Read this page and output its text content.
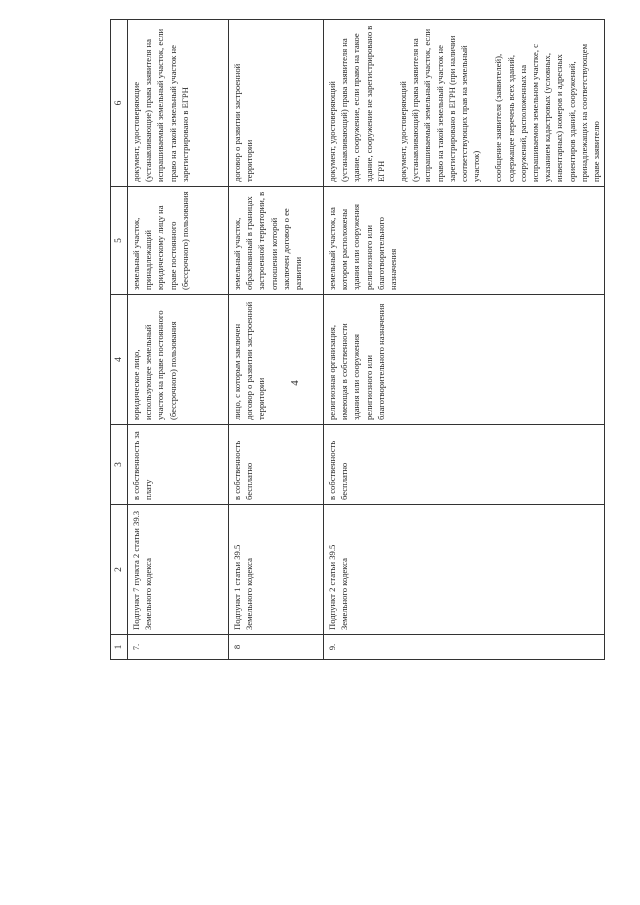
4
1	2	3	4	5	6
7.	Подпункт 7 пункта 2 статьи 39.3 Земельного кодекса	в собственность за плату	юридическое лицо, использующее земельный участок на праве постоянного (бессрочного) пользования	земельный участок, принадлежащий юридическому лицу на праве постоянного (бессрочного) пользования	документ, удостоверяющие (устанавливающие) права заявителя на испрашиваемый земельный участок, если право на такой земельный участок не зарегистрировано в ЕГРН

8	Подпункт 1 статьи 39.5 Земельного кодекса	в собственность бесплатно	лицо, с которым заключен договор о развитии застроенной территории	земельный участок, образованный в границах застроенной территории, в отношении которой заключен договор о ее развитии	договор о развитии застроенной территории

9.	Подпункт 2 статьи 39.5 Земельного кодекса	в собственность бесплатно	религиозная организация, имеющая в собственности здания или сооружения религиозного или благотворительного назначения	земельный участок, на котором расположены здания или сооружения религиозного или благотворительного назначения	документ, удостоверяющий (устанавливающий) права заявителя на здание, сооружение, если право на такое здание, сооружение не зарегистрировано в ЕГРН документ, удостоверяющий (устанавливающий) права заявителя на испрашиваемый земельный участок, если право на такой земельный участок не зарегистрировано в ЕГРН (при наличии соответствующих прав на земельный участок) сообщение заявителя (заявителей), содержащее перечень всех зданий, сооружений, расположенных на испрашиваемом земельном участке, с указанием кадастровых (условных, инвентарных) номеров и адресных ориентиров зданий, сооружений, принадлежащих на соответствующем праве заявителю
